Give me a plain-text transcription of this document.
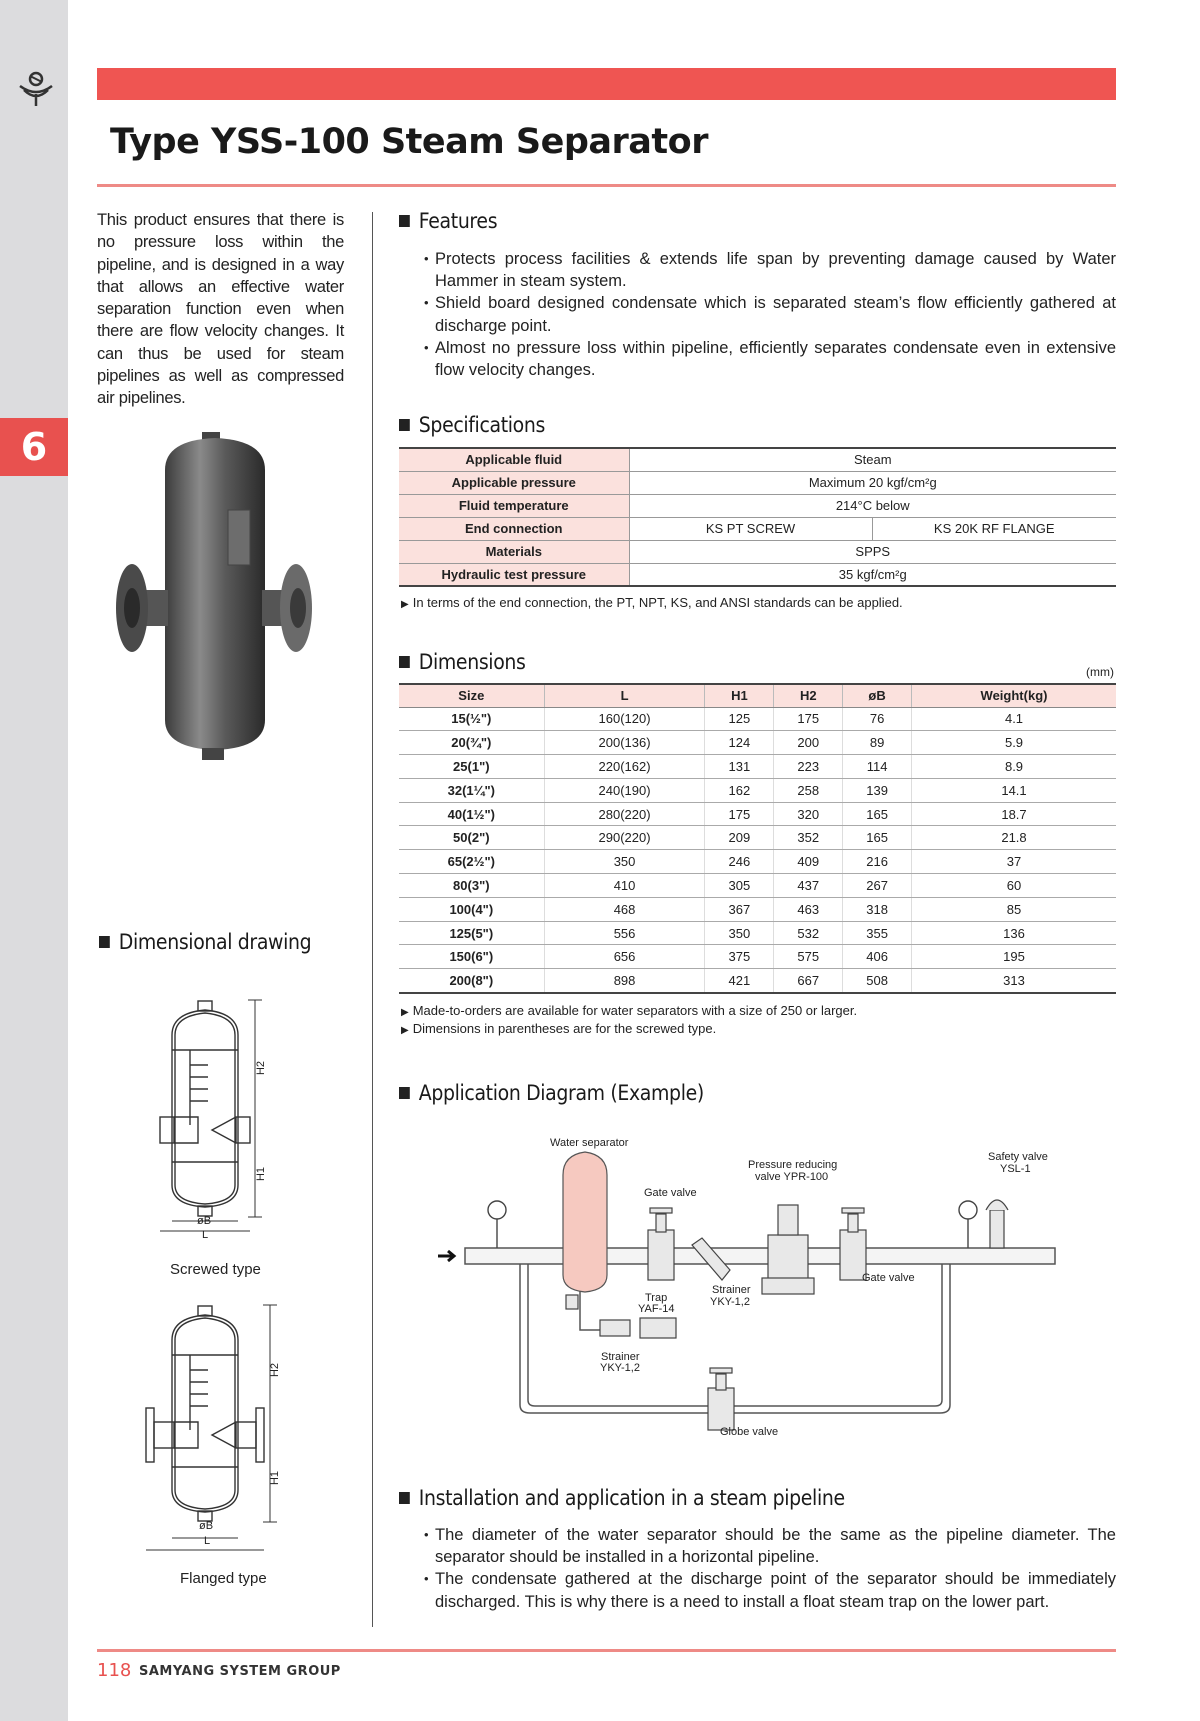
6
Type YSS-100 Steam Separator

This product ensures that there is no pressure loss within the pipeline, and is designed in a way that allows an effective water separation function even when there are flow velocity changes. It can thus be used for steam pipelines as well as compressed air pipelines.

Features
• Protects process facilities & extends life span by preventing damage caused by Water Hammer in steam system.
• Shield board designed condensate which is separated steam’s flow efficiently gathered at discharge point.
• Almost no pressure loss within pipeline, efficiently separates condensate even in extensive flow velocity changes.
Specifications
Applicable fluid	Steam	
Applicable pressure	Maximum 20 kgf/cm²g	
Fluid temperature	214°C below	
End connection	KS PT SCREW	KS 20K RF FLANGE
Materials	SPPS	
Hydraulic test pressure	35 kgf/cm²g	
▶ In terms of the end connection, the PT, NPT, KS, and ANSI standards can be applied.
Dimensions	(mm)
Size	L	H1	H2	øB	Weight(kg)
15(½")	160(120)	125	175	76	4.1
20(¾")	200(136)	124	200	89	5.9
25(1")	220(162)	131	223	114	8.9
32(1¼")	240(190)	162	258	139	14.1
40(1½")	280(220)	175	320	165	18.7
50(2")	290(220)	209	352	165	21.8
65(2½")	350	246	409	216	37
80(3")	410	305	437	267	60
100(4")	468	367	463	318	85
125(5")	556	350	532	355	136
150(6")	656	375	575	406	195
200(8")	898	421	667	508	313
▶ Made-to-orders are available for water separators with a size of 250 or larger.
▶ Dimensions in parentheses are for the screwed type.
Dimensional drawing
H2
H1
øB
L
Screwed type
H2
H1
øB
L
Flanged type
Application Diagram (Example)
Water separator
Gate valve
Pressure reducing
valve YPR-100
Safety valve
YSL-1
Strainer
YKY-1,2
Trap
YAF-14
Gate valve
Strainer
YKY-1,2
Globe valve
Installation and application in a steam pipeline
• The diameter of the water separator should be the same as the pipeline diameter. The separator should be installed in a horizontal pipeline.
• The condensate gathered at the discharge point of the separator should be immediately discharged. This is why there is a need to install a float steam trap on the lower part.
118 SAMYANG SYSTEM GROUP
